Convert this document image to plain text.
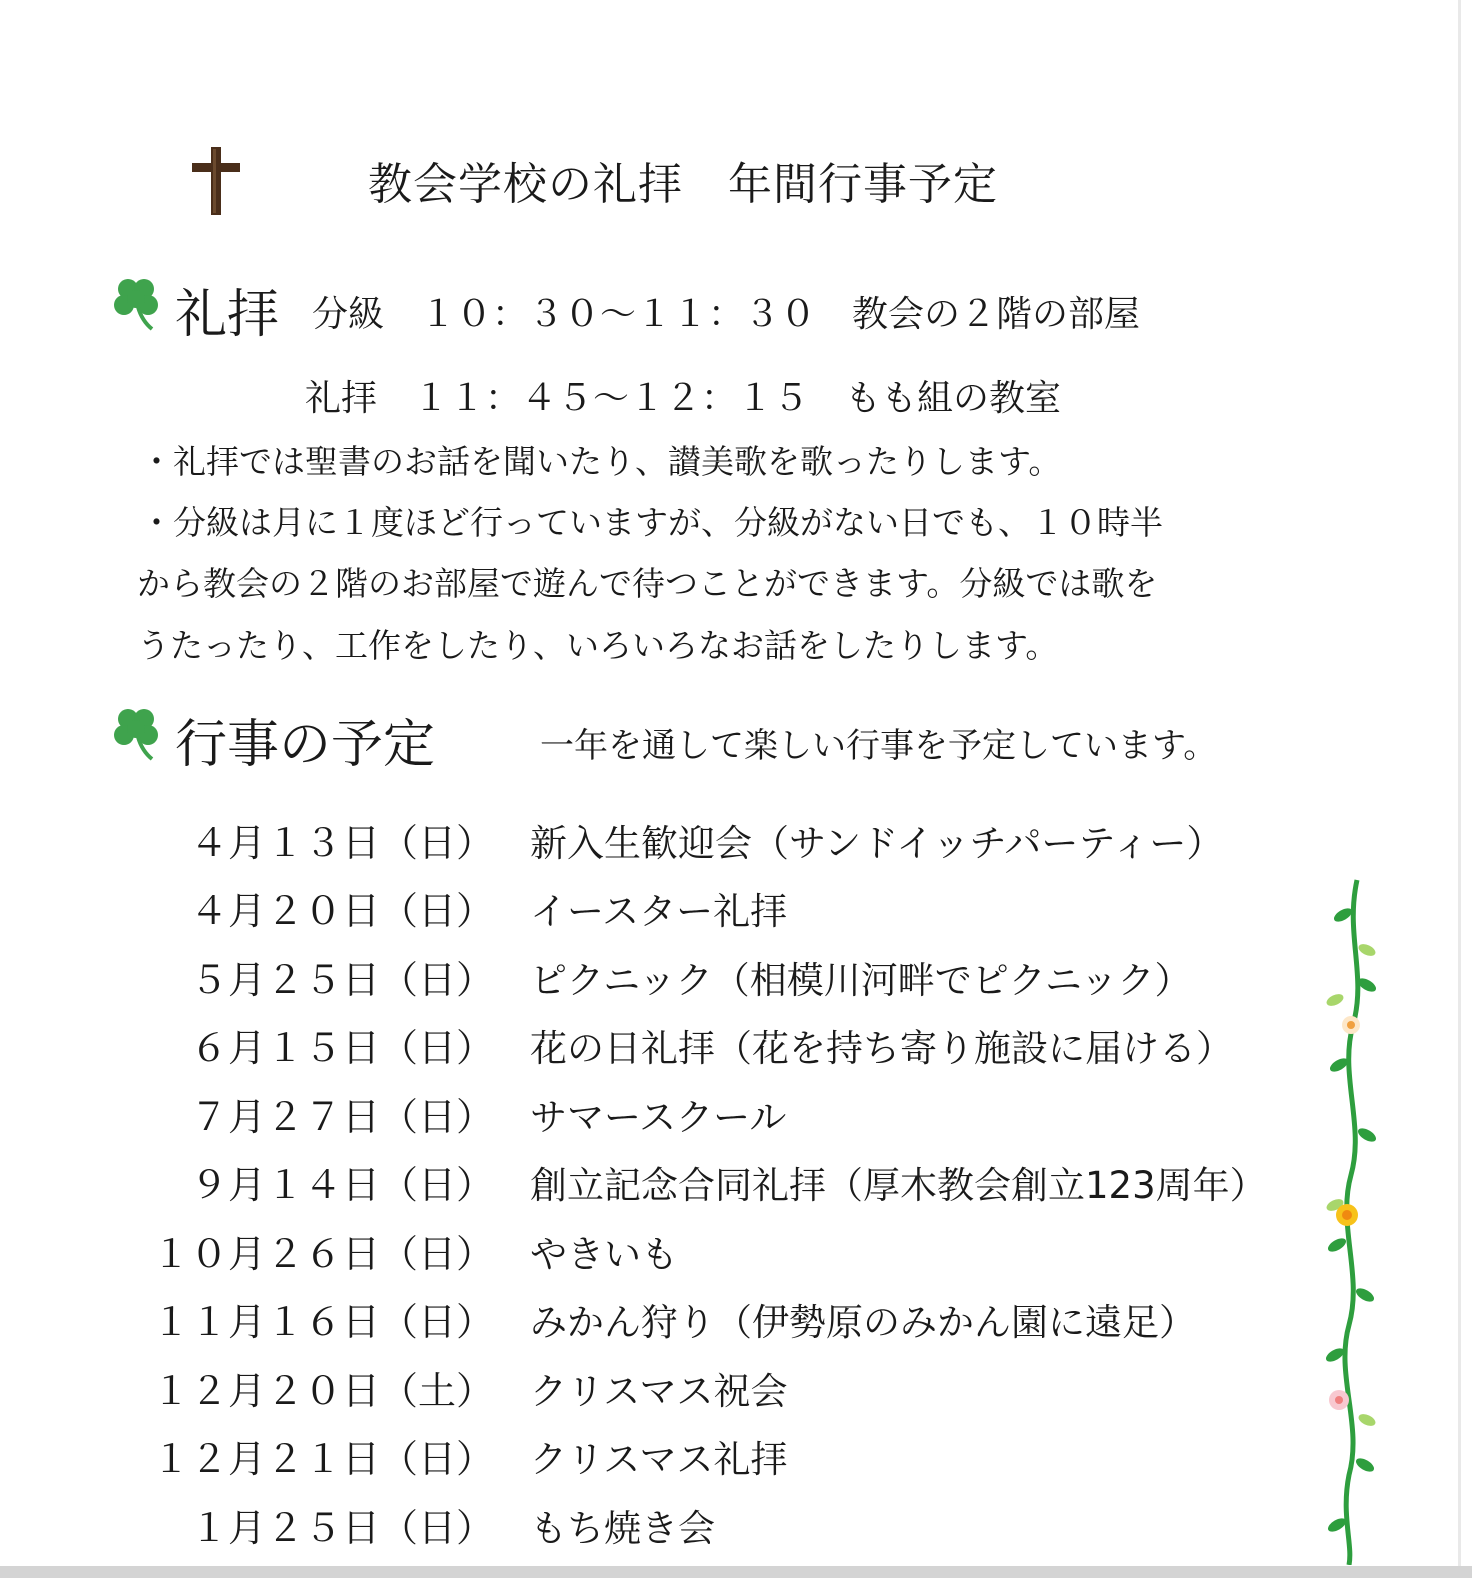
教会学校の礼拝　年間行事予定
礼拝 分級　１０：３０～１１：３０　教会の２階の部屋
礼拝　１１：４５～１２：１５　もも組の教室
・礼拝では聖書のお話を聞いたり、讃美歌を歌ったりします。
・分級は月に１度ほど行っていますが、分級がない日でも、１０時半
から教会の２階のお部屋で遊んで待つことができます。分級では歌を
うたったり、工作をしたり、いろいろなお話をしたりします。
行事の予定	一年を通して楽しい行事を予定しています。
４月１３日（日） 新入生歓迎会（サンドイッチパーティー）
４月２０日（日） イースター礼拝
５月２５日（日） ピクニック（相模川河畔でピクニック）
６月１５日（日） 花の日礼拝（花を持ち寄り施設に届ける）
７月２７日（日） サマースクール
９月１４日（日） 創立記念合同礼拝（厚木教会創立123周年）
１０月２６日（日） やきいも
１１月１６日（日） みかん狩り（伊勢原のみかん園に遠足）
１２月２０日（土） クリスマス祝会
１２月２１日（日） クリスマス礼拝
１月２５日（日） もち焼き会
